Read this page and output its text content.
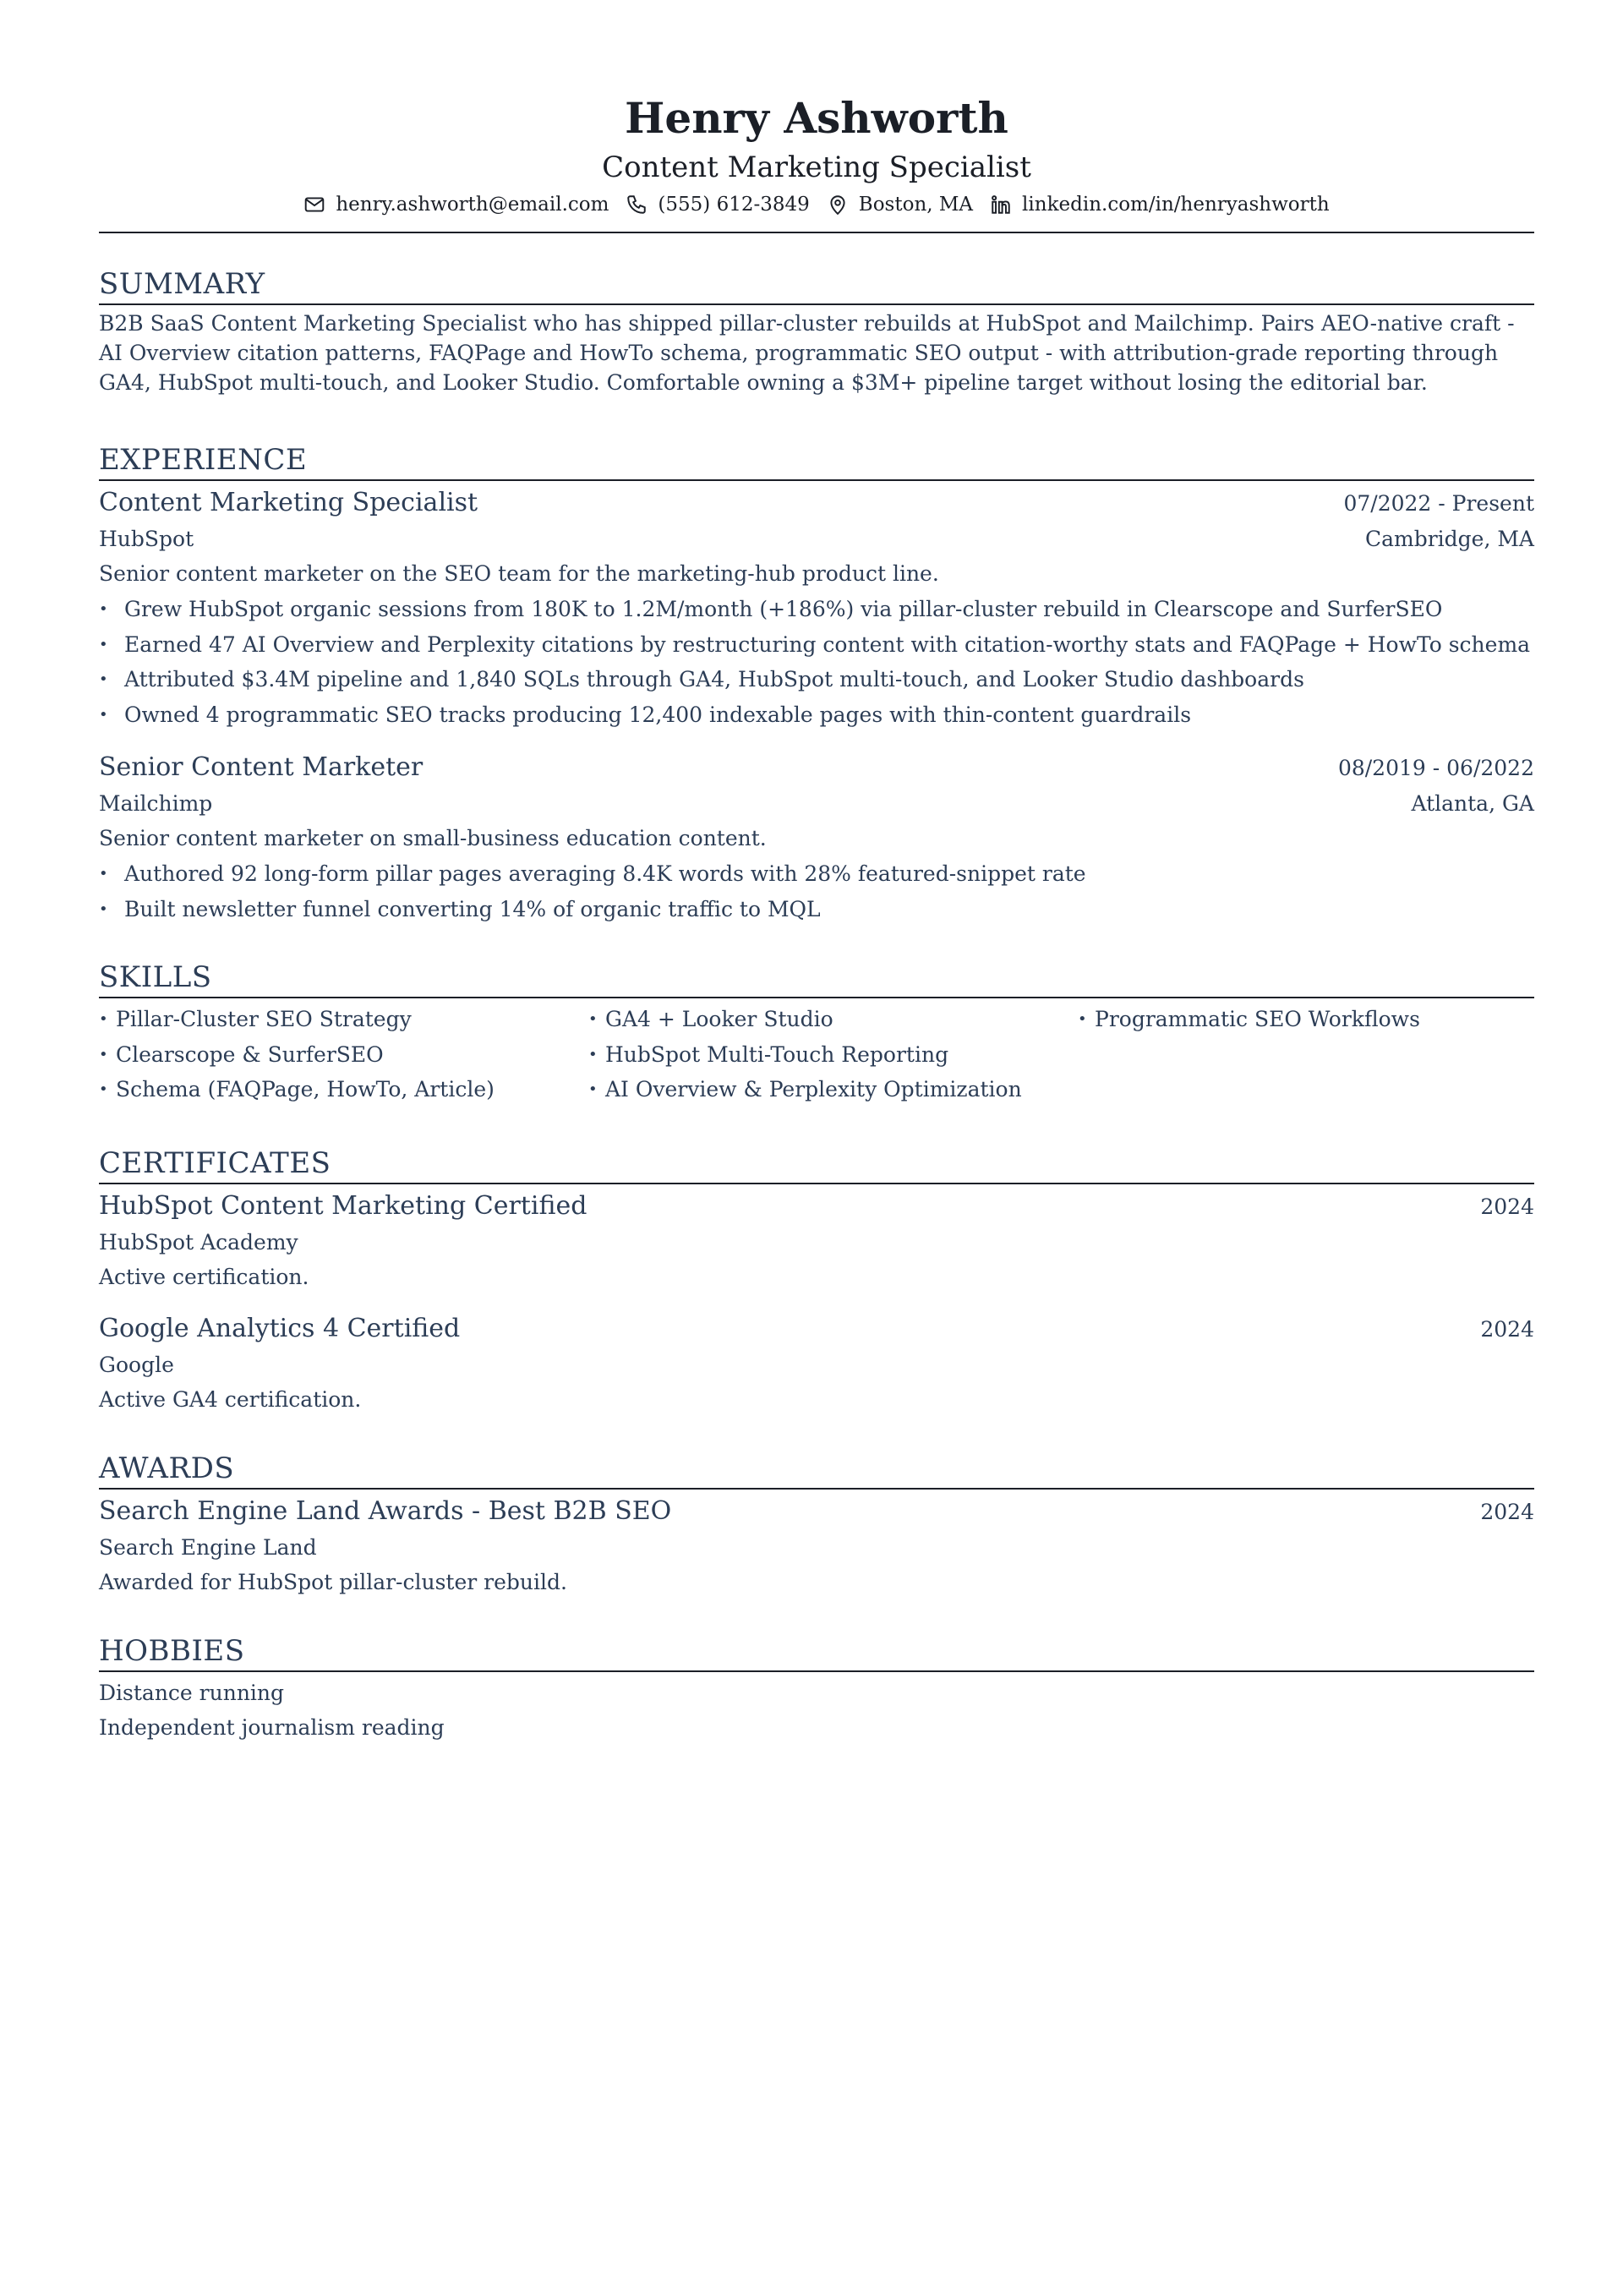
Henry Ashworth
Content Marketing Specialist
henry.ashworth@email.com	(555) 612-3849	Boston, MA	linkedin.com/in/henryashworth
SUMMARY
B2B SaaS Content Marketing Specialist who has shipped pillar-cluster rebuilds at HubSpot and Mailchimp. Pairs AEO-native craft - AI Overview citation patterns, FAQPage and HowTo schema, programmatic SEO output - with attribution-grade reporting through GA4, HubSpot multi-touch, and Looker Studio. Comfortable owning a $3M+ pipeline target without losing the editorial bar.
EXPERIENCE
Content Marketing Specialist	07/2022 - Present
HubSpot	Cambridge, MA
Senior content marketer on the SEO team for the marketing-hub product line.
• Grew HubSpot organic sessions from 180K to 1.2M/month (+186%) via pillar-cluster rebuild in Clearscope and SurferSEO
• Earned 47 AI Overview and Perplexity citations by restructuring content with citation-worthy stats and FAQPage + HowTo schema
• Attributed $3.4M pipeline and 1,840 SQLs through GA4, HubSpot multi-touch, and Looker Studio dashboards
• Owned 4 programmatic SEO tracks producing 12,400 indexable pages with thin-content guardrails
Senior Content Marketer	08/2019 - 06/2022
Mailchimp	Atlanta, GA
Senior content marketer on small-business education content.
• Authored 92 long-form pillar pages averaging 8.4K words with 28% featured-snippet rate
• Built newsletter funnel converting 14% of organic traffic to MQL
SKILLS
• Pillar-Cluster SEO Strategy	• GA4 + Looker Studio	• Programmatic SEO Workflows
• Clearscope & SurferSEO	• HubSpot Multi-Touch Reporting
• Schema (FAQPage, HowTo, Article)	• AI Overview & Perplexity Optimization
CERTIFICATES
HubSpot Content Marketing Certified	2024
HubSpot Academy
Active certification.
Google Analytics 4 Certified	2024
Google
Active GA4 certification.
AWARDS
Search Engine Land Awards - Best B2B SEO	2024
Search Engine Land
Awarded for HubSpot pillar-cluster rebuild.
HOBBIES
Distance running
Independent journalism reading
